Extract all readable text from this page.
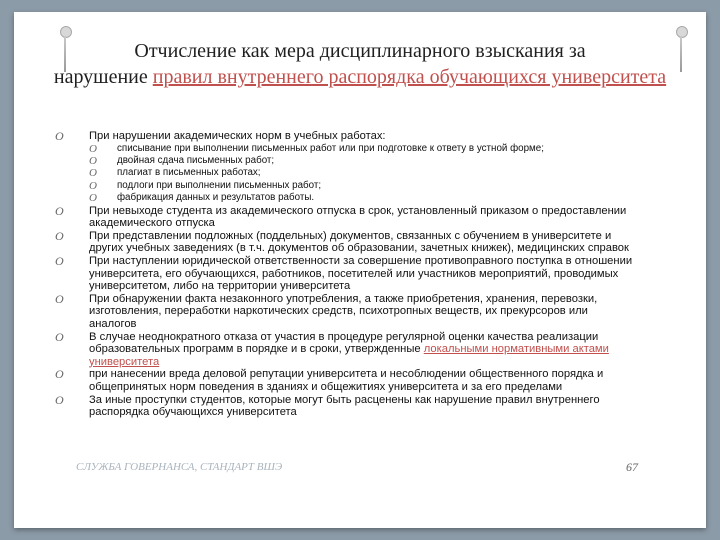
Отчисление как мера дисциплинарного взыскания за
нарушение правил внутреннего распорядка обучающихся университета
O При нарушении академических норм в учебных работах:
O списывание при выполнении письменных работ или при подготовке к ответу в устной форме;
O двойная сдача письменных работ;
O плагиат в письменных работах;
O подлоги при выполнении письменных работ;
O фабрикация данных и результатов работы.
O При невыходе студента из академического отпуска в срок, установленный приказом о предоставлении академического отпуска
O При представлении подложных (поддельных) документов, связанных с обучением в университете и других учебных заведениях (в т.ч. документов об образовании, зачетных книжек), медицинских справок
O При наступлении юридической ответственности за совершение противоправного поступка в отношении университета, его обучающихся, работников, посетителей или участников мероприятий, проводимых университетом, либо на территории университета
O При обнаружении факта незаконного употребления, а также приобретения, хранения, перевозки, изготовления, переработки наркотических средств, психотропных веществ, их прекурсоров или аналогов
O В случае неоднократного отказа от участия в процедуре регулярной оценки качества реализации образовательных программ в порядке и в сроки, утвержденные локальными нормативными актами университета
O при нанесении вреда деловой репутации университета и несоблюдении общественного порядка и общепринятых норм поведения в зданиях и общежитиях университета и за его пределами
O За иные проступки студентов, которые могут быть расценены как нарушение правил внутреннего распорядка обучающихся университета
СЛУЖБА ГОВЕРНАНСА, СТАНДАРТ ВШЭ	67
